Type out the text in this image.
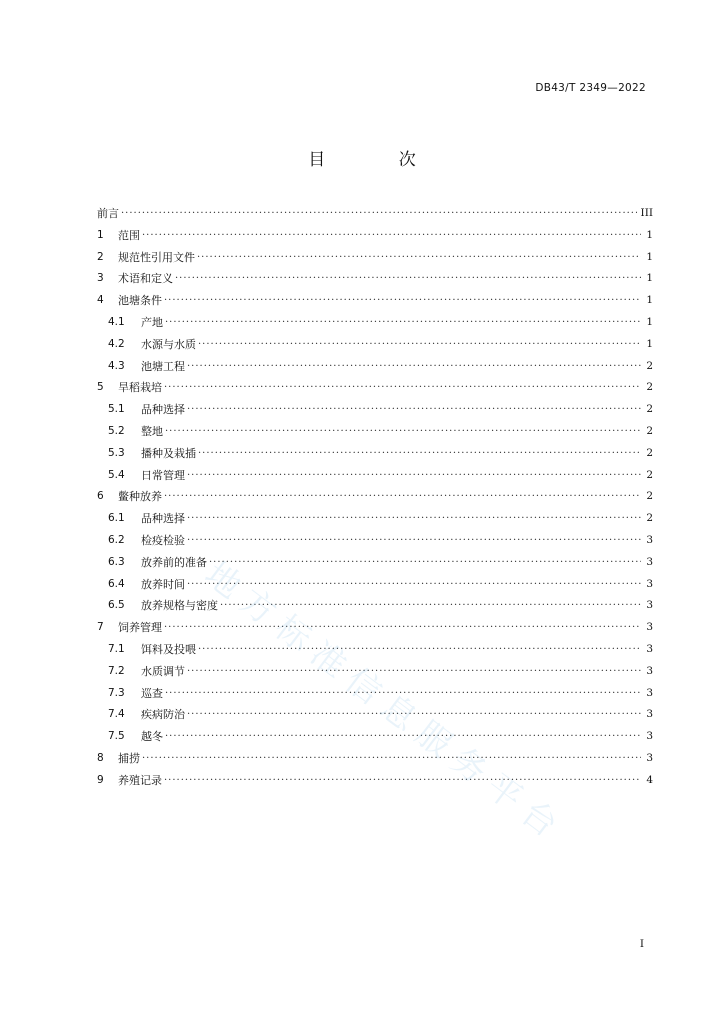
DB43/T 2349—2022
目 次
前言 ·····	III
1	范围 ·····	1
2	规范性引用文件 ·····	1
3	术语和定义 ·····	1
4	池塘条件 ·····	1
4.1	产地 ·····	1
4.2	水源与水质 ·····	1
4.3	池塘工程 ·····	2
5	旱稻栽培 ·····	2
5.1	品种选择 ·····	2
5.2	整地 ·····	2
5.3	播种及栽插 ·····	2
5.4	日常管理 ·····	2
6	鳖种放养 ·····	2
6.1	品种选择 ·····	2
6.2	检疫检验 ·····	3
6.3	放养前的准备 ·····	3
6.4	放养时间 ·····	3
6.5	放养规格与密度 ·····	3
7	饲养管理 ·····	3
7.1	饵料及投喂 ·····	3
7.2	水质调节 ·····	3
7.3	巡查 ·····	3
7.4	疾病防治 ·····	3
7.5	越冬 ·····	3
8	捕捞 ·····	3
9	养殖记录 ·····	4
I
地方标准信息服务平台
